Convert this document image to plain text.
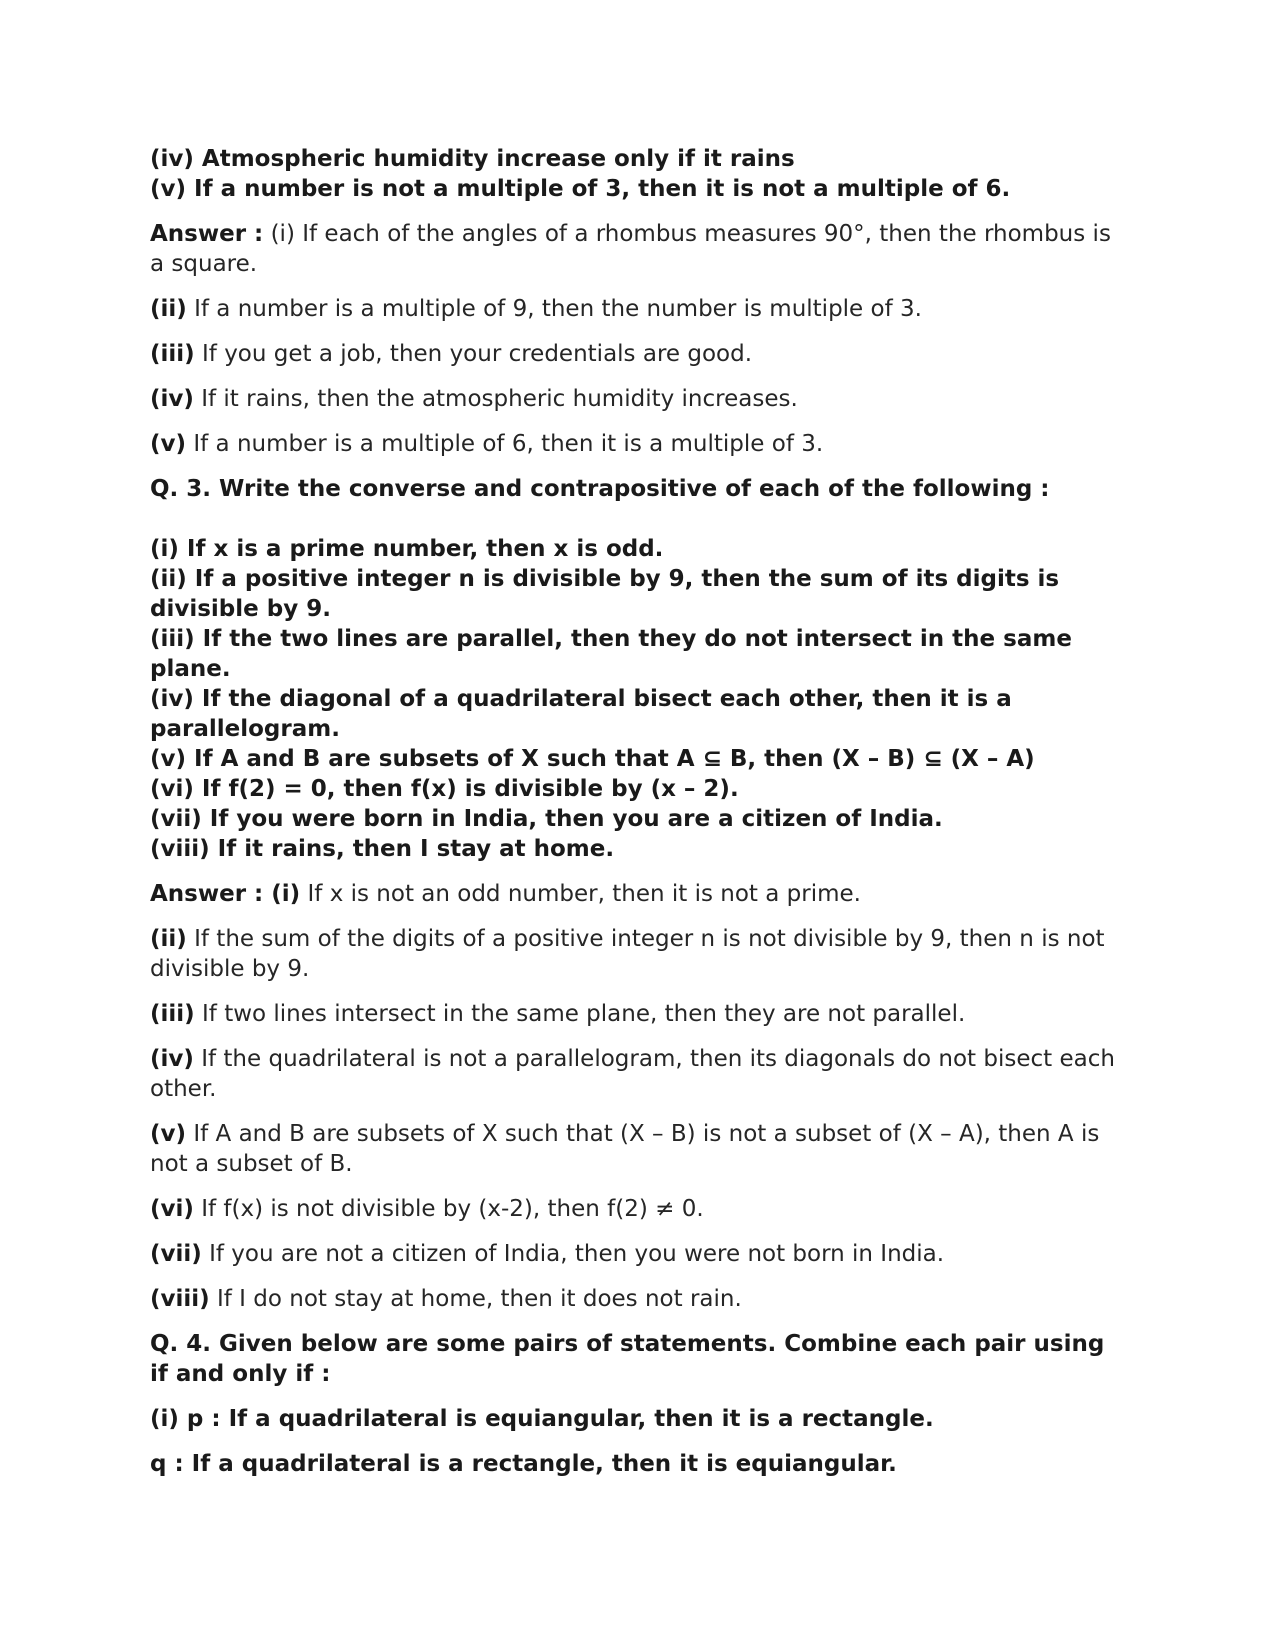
(iv) Atmospheric humidity increase only if it rains

(v) If a number is not a multiple of 3, then it is not a multiple of 6.

Answer : (i) If each of the angles of a rhombus measures 90°, then the rhombus is a square.

(ii) If a number is a multiple of 9, then the number is multiple of 3.

(iii) If you get a job, then your credentials are good.

(iv) If it rains, then the atmospheric humidity increases.

(v) If a number is a multiple of 6, then it is a multiple of 3.

Q. 3. Write the converse and contrapositive of each of the following :

(i) If x is a prime number, then x is odd.

(ii) If a positive integer n is divisible by 9, then the sum of its digits is divisible by 9.

(iii) If the two lines are parallel, then they do not intersect in the same plane.

(iv) If the diagonal of a quadrilateral bisect each other, then it is a parallelogram.

(v) If A and B are subsets of X such that A ⊆ B, then (X – B) ⊆ (X – A)

(vi) If f(2) = 0, then f(x) is divisible by (x – 2).

(vii) If you were born in India, then you are a citizen of India.

(viii) If it rains, then I stay at home.

Answer : (i) If x is not an odd number, then it is not a prime.

(ii) If the sum of the digits of a positive integer n is not divisible by 9, then n is not divisible by 9.

(iii) If two lines intersect in the same plane, then they are not parallel.

(iv) If the quadrilateral is not a parallelogram, then its diagonals do not bisect each other.

(v) If A and B are subsets of X such that (X – B) is not a subset of (X – A), then A is not a subset of B.

(vi) If f(x) is not divisible by (x-2), then f(2) ≠ 0.

(vii) If you are not a citizen of India, then you were not born in India.

(viii) If I do not stay at home, then it does not rain.

Q. 4. Given below are some pairs of statements. Combine each pair using if and only if :

(i) p : If a quadrilateral is equiangular, then it is a rectangle.

q : If a quadrilateral is a rectangle, then it is equiangular.
